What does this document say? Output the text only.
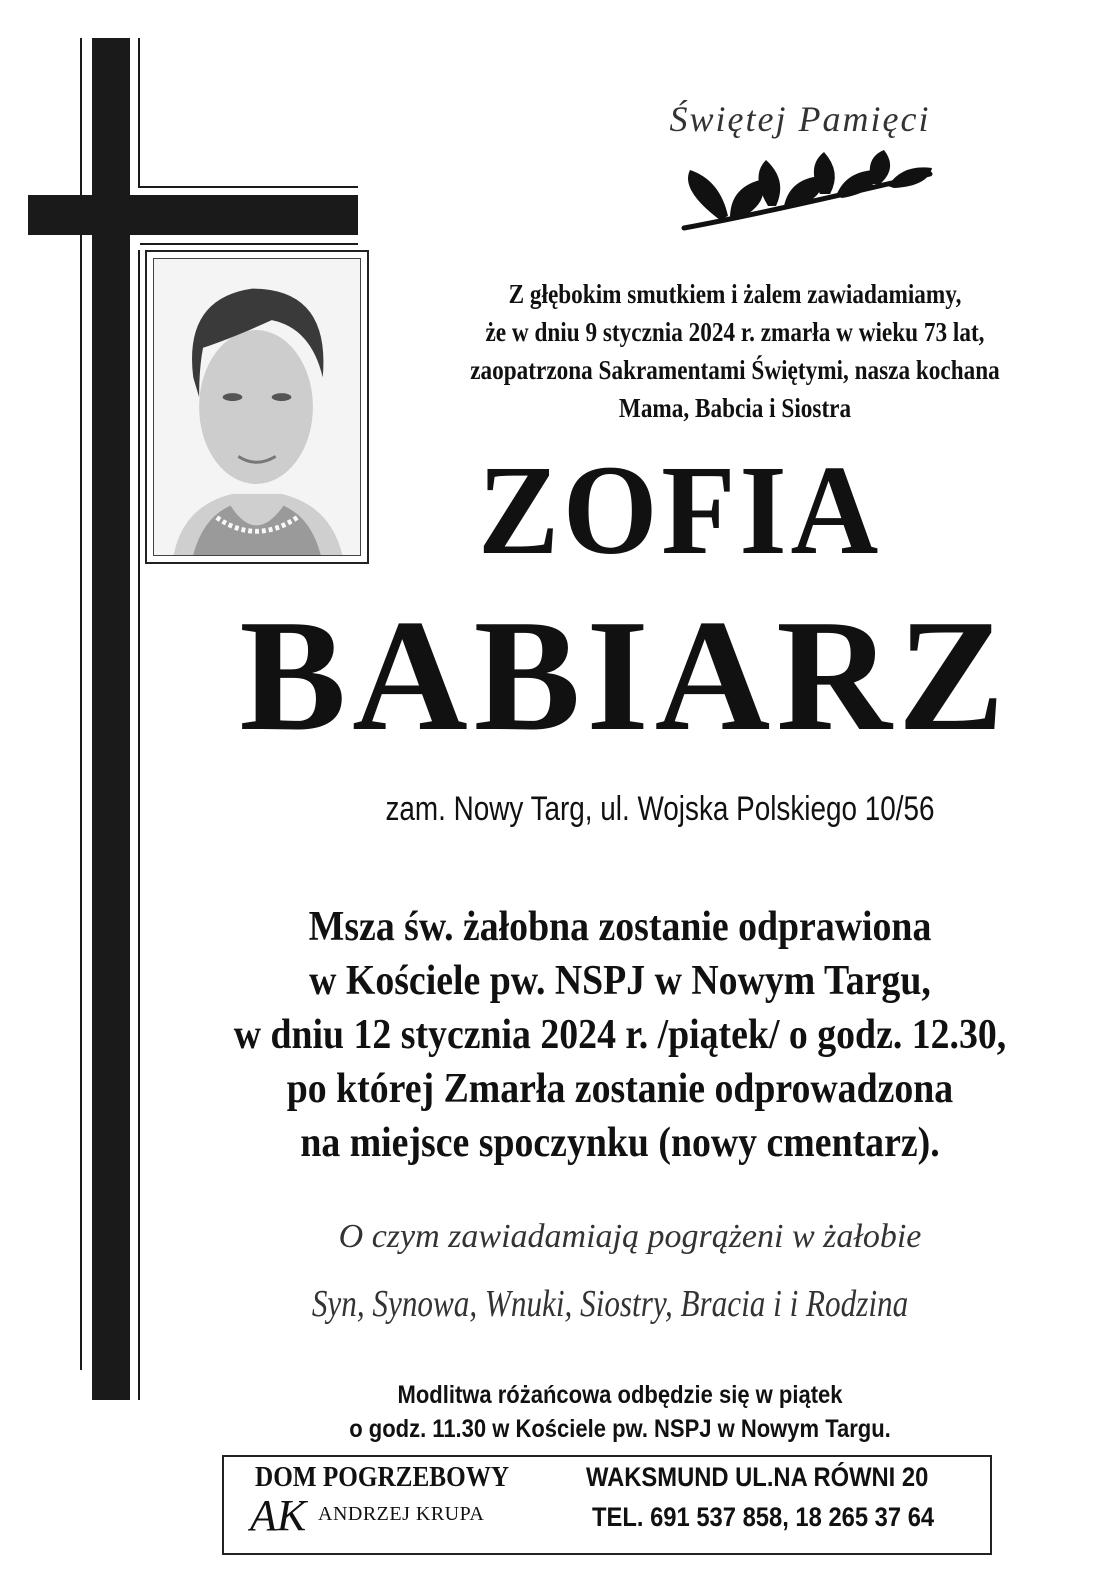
Świętej Pamięci
Z głębokim smutkiem i żalem zawiadamiamy,
że w dniu 9 stycznia 2024 r. zmarła w wieku 73 lat,
zaopatrzona Sakramentami Świętymi, nasza kochana
Mama, Babcia i Siostra
ZOFIA
BABIARZ
zam. Nowy Targ, ul. Wojska Polskiego 10/56
Msza św. żałobna zostanie odprawiona
w Kościele pw. NSPJ w Nowym Targu,
w dniu 12 stycznia 2024 r. /piątek/ o godz. 12.30,
po której Zmarła zostanie odprowadzona
na miejsce spoczynku (nowy cmentarz).
O czym zawiadamiają pogrążeni w żałobie
Syn, Synowa, Wnuki, Siostry, Bracia i i Rodzina
Modlitwa różańcowa odbędzie się w piątek
o godz. 11.30 w Kościele pw. NSPJ w Nowym Targu.
DOM POGRZEBOWY
AK ANDRZEJ KRUPA
WAKSMUND UL.NA RÓWNI 20
TEL. 691 537 858, 18 265 37 64
